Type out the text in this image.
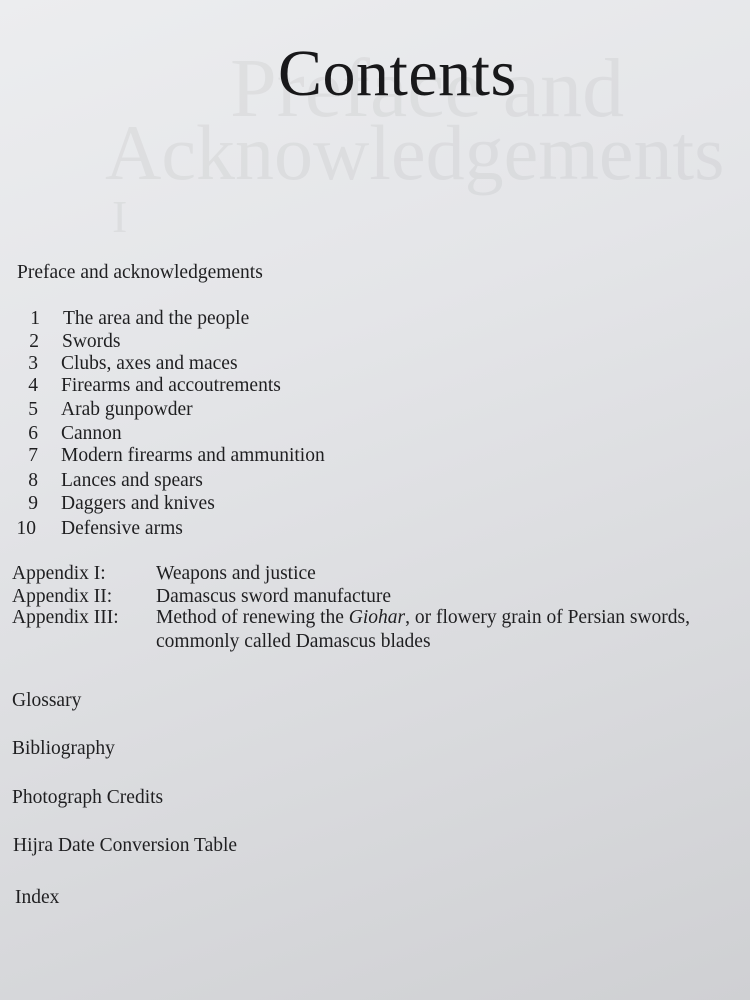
Contents
Preface and acknowledgements
1 The area and the people
2 Swords
3 Clubs, axes and maces
4 Firearms and accoutrements
5 Arab gunpowder
6 Cannon
7 Modern firearms and ammunition
8 Lances and spears
9 Daggers and knives
10 Defensive arms
Appendix I:	Weapons and justice
Appendix II: Damascus sword manufacture
Appendix III: Method of renewing the Giohar, or flowery grain of Persian swords,
commonly called Damascus blades
Glossary
Bibliography
Photograph Credits
Hijra Date Conversion Table
Index
